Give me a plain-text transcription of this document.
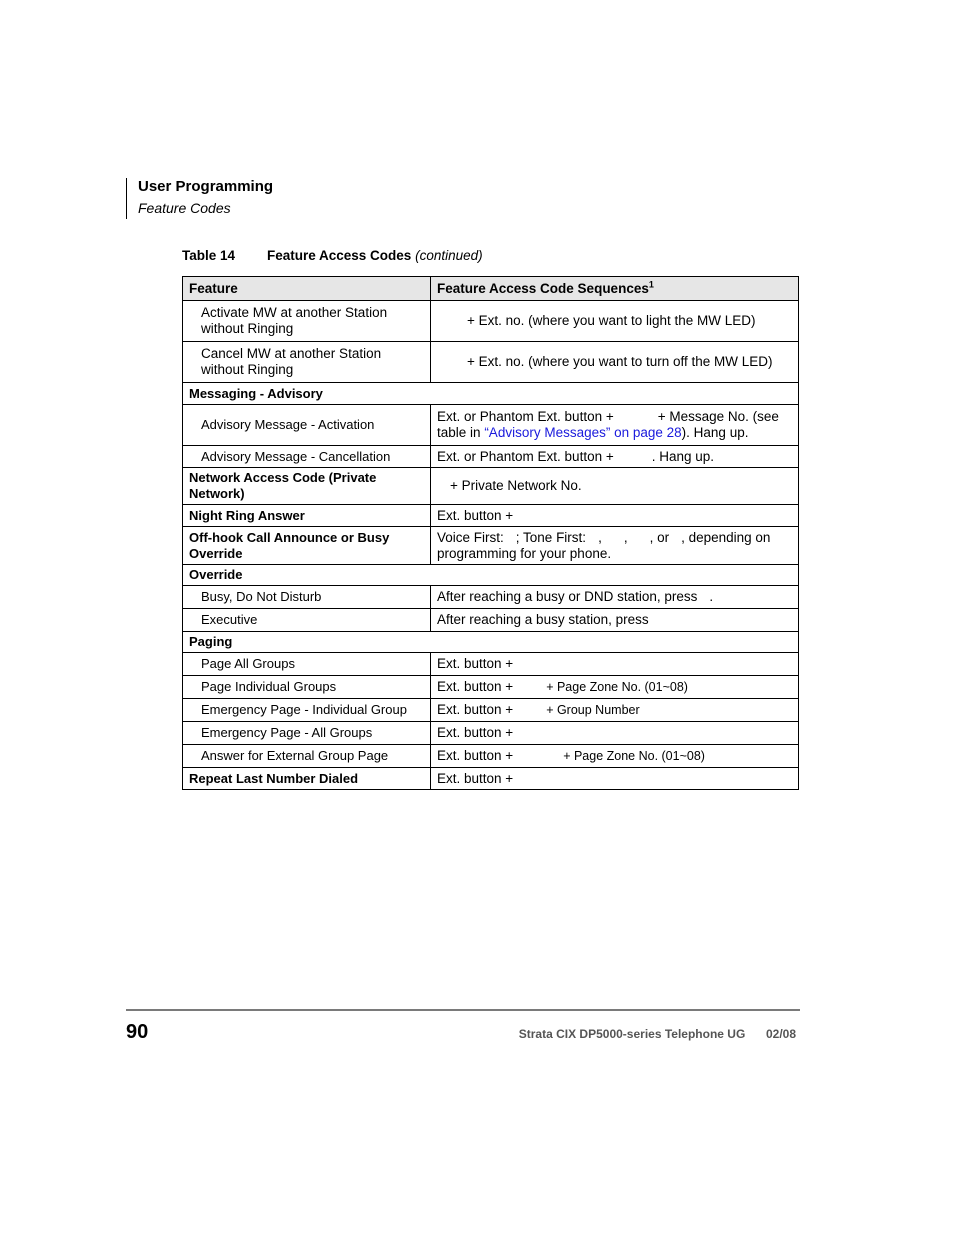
User Programming
Feature Codes
Table 14 Feature Access Codes (continued)
Feature	Feature Access Code Sequences$^1$
Activate MW at another Station without Ringing	+ Ext. no. (where you want to light the MW LED)
Cancel MW at another Station without Ringing	+ Ext. no. (where you want to turn off the MW LED)
Messaging - Advisory	
Advisory Message - Activation	Ext. or Phantom Ext. button + + Message No. (see table in “Advisory Messages” on page 28). Hang up.
Advisory Message - Cancellation	Ext. or Phantom Ext. button + . Hang up.
Network Access Code (Private Network)	+ Private Network No.
Night Ring Answer	Ext. button +
Off-hook Call Announce or Busy Override	Voice First: ; Tone First: , , , or , depending on programming for your phone.
Override	
Busy, Do Not Disturb	After reaching a busy or DND station, press .
Executive	After reaching a busy station, press
Paging	
Page All Groups	Ext. button +
Page Individual Groups	Ext. button + + Page Zone No. (01~08)
Emergency Page - Individual Group	Ext. button + + Group Number
Emergency Page - All Groups	Ext. button +
Answer for External Group Page	Ext. button + + Page Zone No. (01~08)
Repeat Last Number Dialed	Ext. button +
90	Strata CIX DP5000-series Telephone UG 02/08
